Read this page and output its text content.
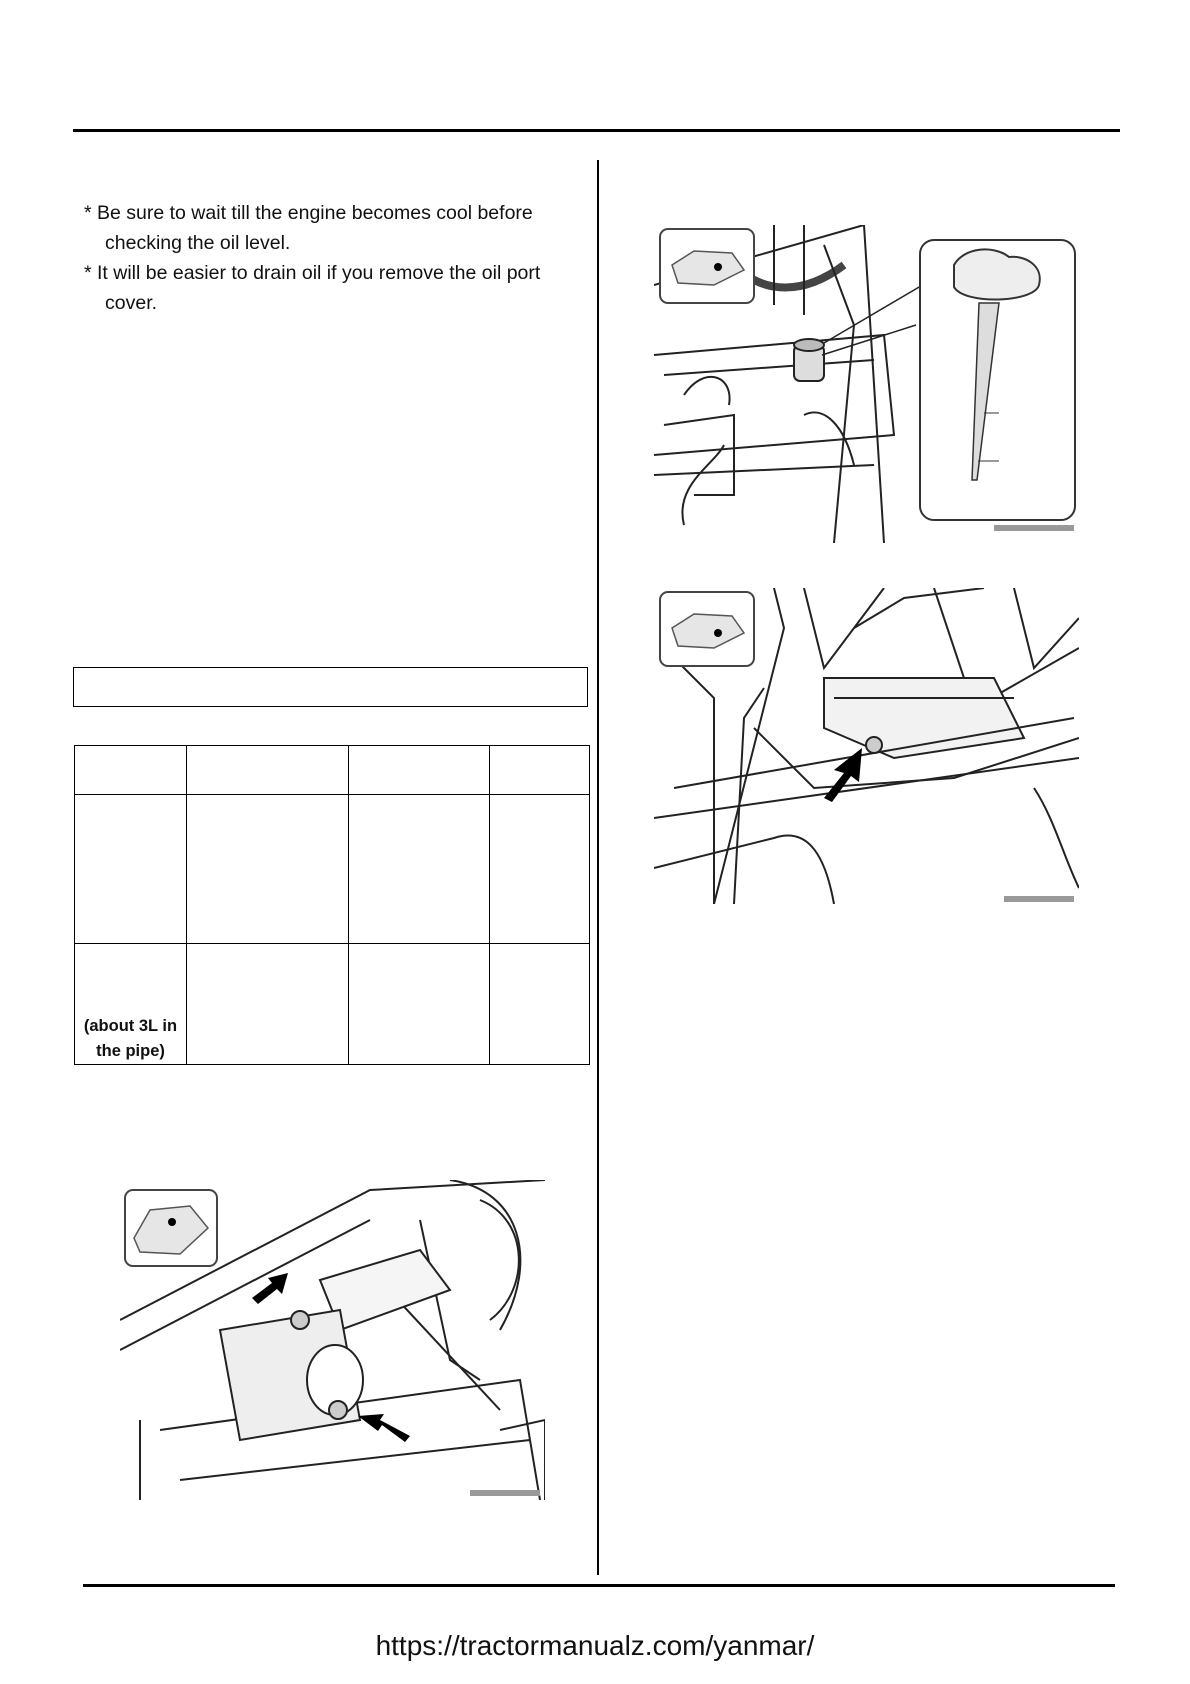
* Be sure to wait till the engine becomes cool before checking the oil level.
* It will be easier to drain oil if you remove the oil port cover.

(about 3L in the pipe)			
https://tractormanualz.com/yanmar/
